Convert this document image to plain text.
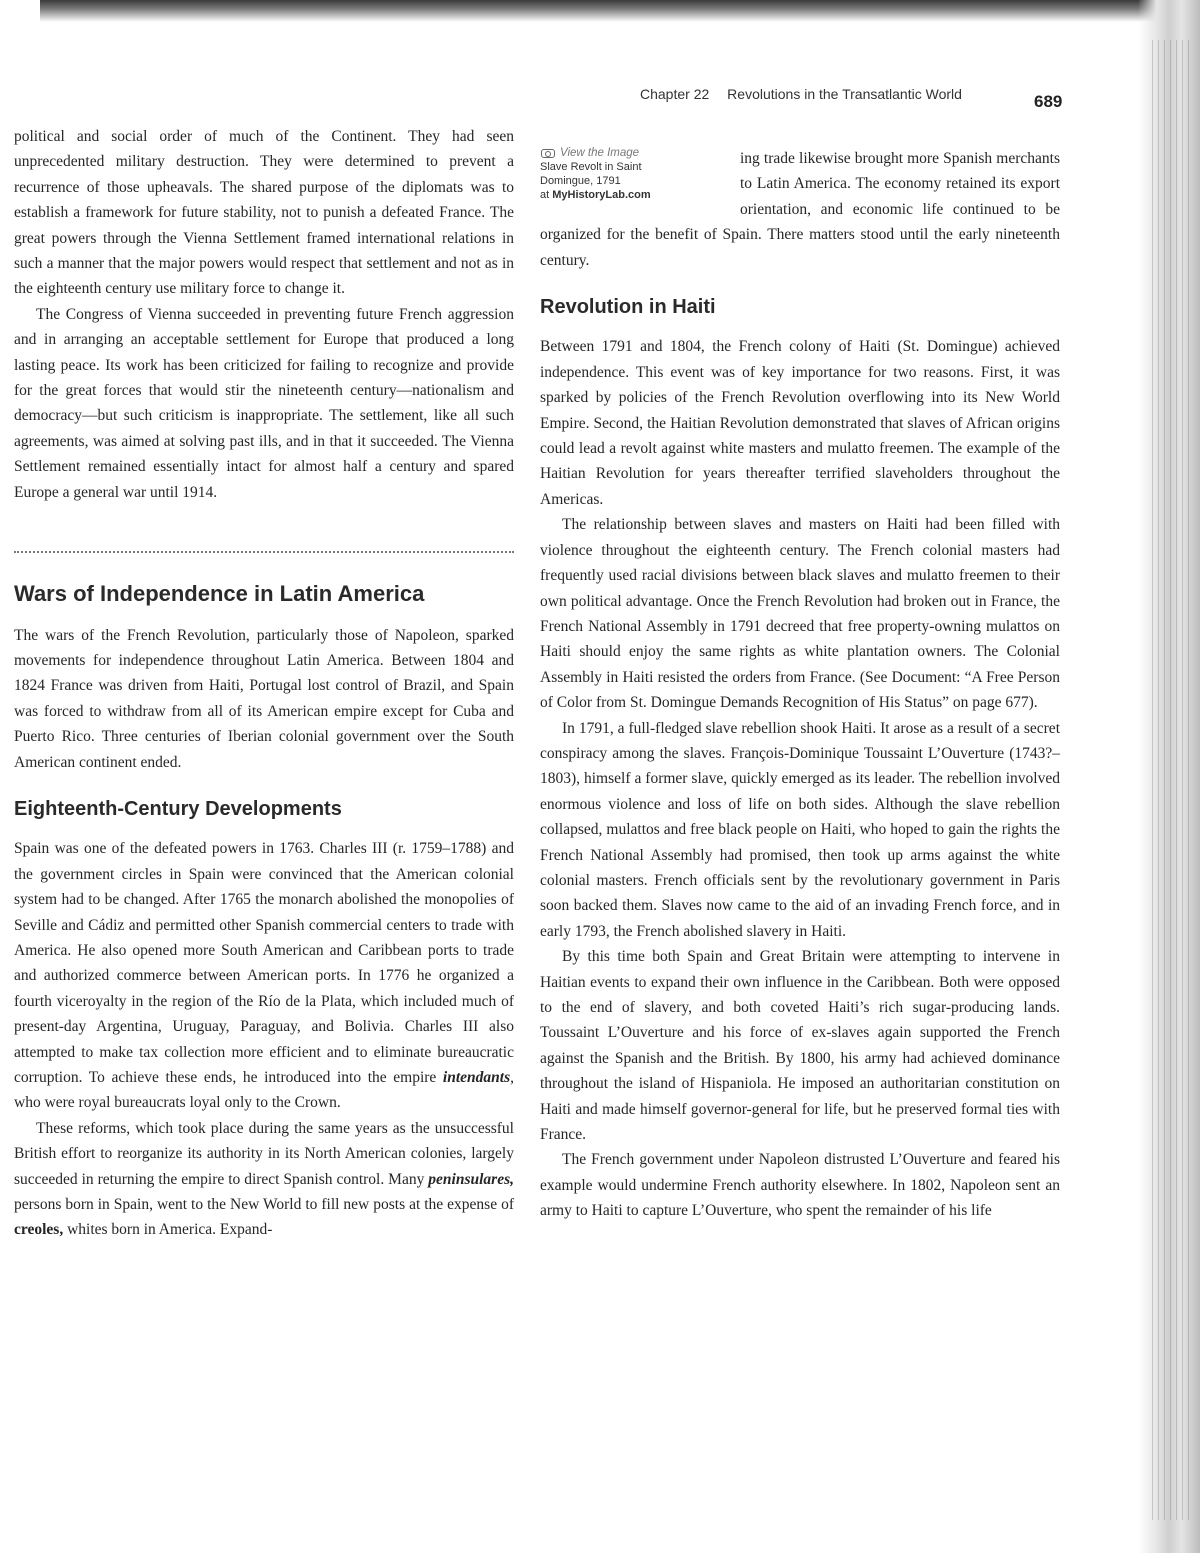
Chapter 22 Revolutions in the Transatlantic World	689

political and social order of much of the Continent. They had seen unprecedented military destruction. They were determined to prevent a recurrence of those upheavals. The shared purpose of the diplomats was to establish a framework for future stability, not to punish a defeated France. The great powers through the Vienna Settlement framed international relations in such a manner that the major powers would respect that settlement and not as in the eighteenth century use military force to change it.

The Congress of Vienna succeeded in preventing future French aggression and in arranging an acceptable settlement for Europe that produced a long lasting peace. Its work has been criticized for failing to recognize and provide for the great forces that would stir the nineteenth century—nationalism and democracy—but such criticism is inappropriate. The settlement, like all such agreements, was aimed at solving past ills, and in that it succeeded. The Vienna Settlement remained essentially intact for almost half a century and spared Europe a general war until 1914.

Wars of Independence in Latin America

The wars of the French Revolution, particularly those of Napoleon, sparked movements for independence throughout Latin America. Between 1804 and 1824 France was driven from Haiti, Portugal lost control of Brazil, and Spain was forced to withdraw from all of its American empire except for Cuba and Puerto Rico. Three centuries of Iberian colonial government over the South American continent ended.

Eighteenth-Century Developments

Spain was one of the defeated powers in 1763. Charles III (r. 1759–1788) and the government circles in Spain were convinced that the American colonial system had to be changed. After 1765 the monarch abolished the monopolies of Seville and Cádiz and permitted other Spanish commercial centers to trade with America. He also opened more South American and Caribbean ports to trade and authorized commerce between American ports. In 1776 he organized a fourth viceroyalty in the region of the Río de la Plata, which included much of present-day Argentina, Uruguay, Paraguay, and Bolivia. Charles III also attempted to make tax collection more efficient and to eliminate bureaucratic corruption. To achieve these ends, he introduced into the empire intendants, who were royal bureaucrats loyal only to the Crown.

These reforms, which took place during the same years as the unsuccessful British effort to reorganize its authority in its North American colonies, largely succeeded in returning the empire to direct Spanish control. Many peninsulares, persons born in Spain, went to the New World to fill new posts at the expense of creoles, whites born in America. Expand-

View the Image
Slave Revolt in Saint
Domingue, 1791
at MyHistoryLab.com

ing trade likewise brought more Spanish merchants to Latin America. The economy retained its export orientation, and economic life continued to be organized for the benefit of Spain. There matters stood until the early nineteenth century.

Revolution in Haiti

Between 1791 and 1804, the French colony of Haiti (St. Domingue) achieved independence. This event was of key importance for two reasons. First, it was sparked by policies of the French Revolution overflowing into its New World Empire. Second, the Haitian Revolution demonstrated that slaves of African origins could lead a revolt against white masters and mulatto freemen. The example of the Haitian Revolution for years thereafter terrified slaveholders throughout the Americas.

The relationship between slaves and masters on Haiti had been filled with violence throughout the eighteenth century. The French colonial masters had frequently used racial divisions between black slaves and mulatto freemen to their own political advantage. Once the French Revolution had broken out in France, the French National Assembly in 1791 decreed that free property-owning mulattos on Haiti should enjoy the same rights as white plantation owners. The Colonial Assembly in Haiti resisted the orders from France. (See Document: “A Free Person of Color from St. Domingue Demands Recognition of His Status” on page 677).

In 1791, a full-fledged slave rebellion shook Haiti. It arose as a result of a secret conspiracy among the slaves. François-Dominique Toussaint L’Ouverture (1743?–1803), himself a former slave, quickly emerged as its leader. The rebellion involved enormous violence and loss of life on both sides. Although the slave rebellion collapsed, mulattos and free black people on Haiti, who hoped to gain the rights the French National Assembly had promised, then took up arms against the white colonial masters. French officials sent by the revolutionary government in Paris soon backed them. Slaves now came to the aid of an invading French force, and in early 1793, the French abolished slavery in Haiti.

By this time both Spain and Great Britain were attempting to intervene in Haitian events to expand their own influence in the Caribbean. Both were opposed to the end of slavery, and both coveted Haiti’s rich sugar-producing lands. Toussaint L’Ouverture and his force of ex-slaves again supported the French against the Spanish and the British. By 1800, his army had achieved dominance throughout the island of Hispaniola. He imposed an authoritarian constitution on Haiti and made himself governor-general for life, but he preserved formal ties with France.

The French government under Napoleon distrusted L’Ouverture and feared his example would undermine French authority elsewhere. In 1802, Napoleon sent an army to Haiti to capture L’Ouverture, who spent the remainder of his life
